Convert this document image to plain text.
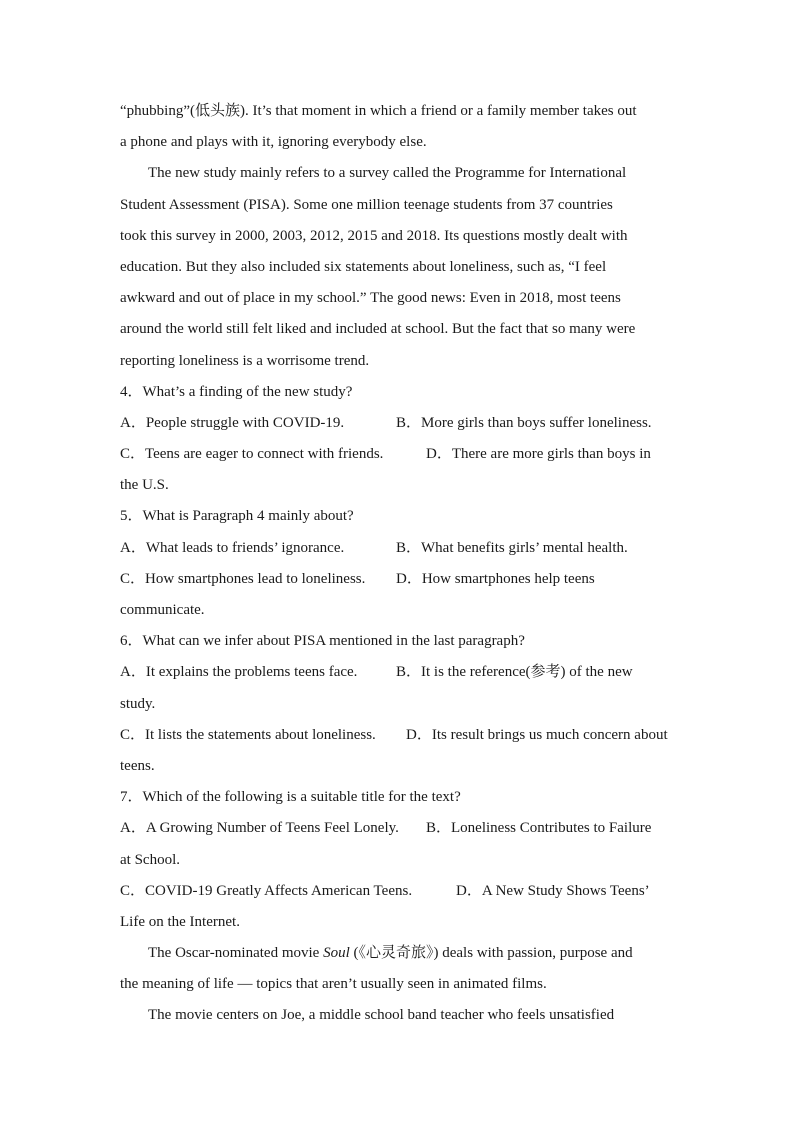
“phubbing”(低头族). It’s that moment in which a friend or a family member takes out
a phone and plays with it, ignoring everybody else.
The new study mainly refers to a survey called the Programme for International
Student Assessment (PISA). Some one million teenage students from 37 countries
took this survey in 2000, 2003, 2012, 2015 and 2018. Its questions mostly dealt with
education. But they also included six statements about loneliness, such as, “I feel
awkward and out of place in my school.” The good news: Even in 2018, most teens
around the world still felt liked and included at school. But the fact that so many were
reporting loneliness is a worrisome trend.
4．What’s a finding of the new study?
A．People struggle with COVID-19.	B．More girls than boys suffer loneliness.
C．Teens are eager to connect with friends.	D．There are more girls than boys in
the U.S.
5．What is Paragraph 4 mainly about?
A．What leads to friends’ ignorance.	B．What benefits girls’ mental health.
C．How smartphones lead to loneliness. D．How smartphones help teens
communicate.
6．What can we infer about PISA mentioned in the last paragraph?
A．It explains the problems teens face.	B．It is the reference(参考) of the new
study.
C．It lists the statements about loneliness. D．Its result brings us much concern about
teens.
7．Which of the following is a suitable title for the text?
A．A Growing Number of Teens Feel Lonely. B．Loneliness Contributes to Failure
at School.
C．COVID-19 Greatly Affects American Teens.	D．A New Study Shows Teens’
Life on the Internet.
The Oscar-nominated movie Soul (《心灵奇旅》) deals with passion, purpose and
the meaning of life — topics that aren’t usually seen in animated films.
The movie centers on Joe, a middle school band teacher who feels unsatisfied
